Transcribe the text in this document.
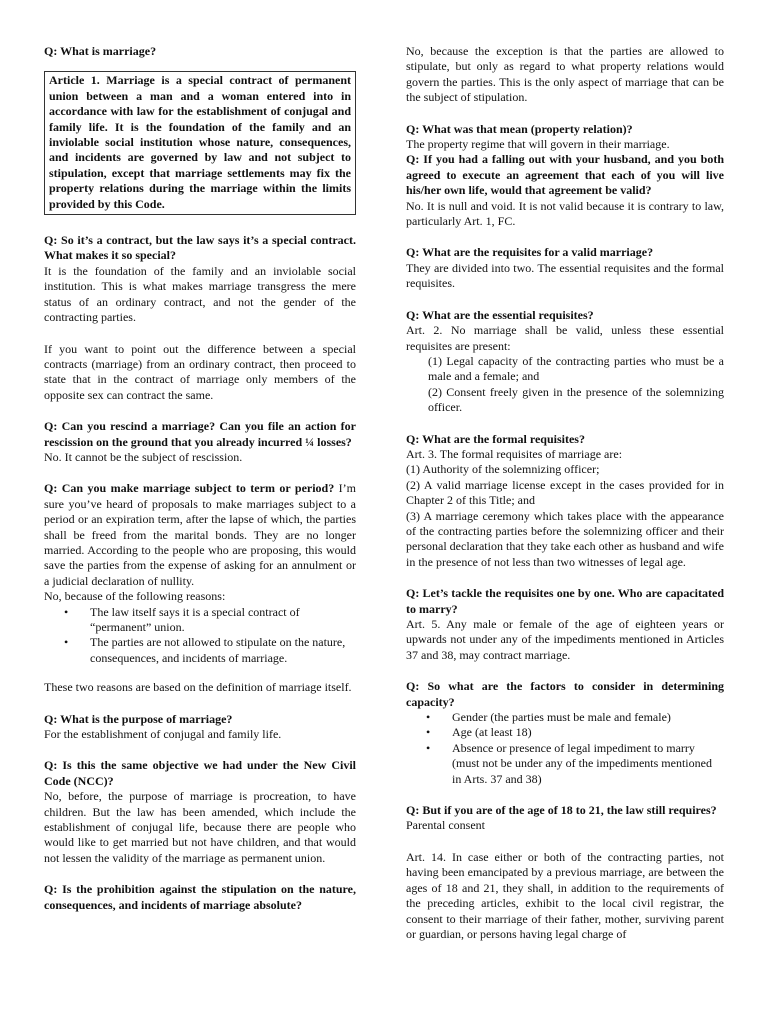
Q: What is marriage?
Article 1. Marriage is a special contract of permanent union between a man and a woman entered into in accordance with law for the establishment of conjugal and family life. It is the foundation of the family and an inviolable social institution whose nature, consequences, and incidents are governed by law and not subject to stipulation, except that marriage settlements may fix the property relations during the marriage within the limits provided by this Code.
Q: So it’s a contract, but the law says it’s a special contract. What makes it so special?
It is the foundation of the family and an inviolable social institution. This is what makes marriage transgress the mere status of an ordinary contract, and not the gender of the contracting parties.
If you want to point out the difference between a special contracts (marriage) from an ordinary contract, then proceed to state that in the contract of marriage only members of the opposite sex can contract the same.
Q: Can you rescind a marriage? Can you file an action for rescission on the ground that you already incurred ¼ losses?
No. It cannot be the subject of rescission.
Q: Can you make marriage subject to term or period? I’m sure you’ve heard of proposals to make marriages subject to a period or an expiration term, after the lapse of which, the parties shall be freed from the marital bonds. They are no longer married. According to the people who are proposing, this would save the parties from the expense of asking for an annulment or a judicial declaration of nullity.
No, because of the following reasons:
• The law itself says it is a special contract of “permanent” union.
• The parties are not allowed to stipulate on the nature, consequences, and incidents of marriage.
These two reasons are based on the definition of marriage itself.
Q: What is the purpose of marriage?
For the establishment of conjugal and family life.
Q: Is this the same objective we had under the New Civil Code (NCC)?
No, before, the purpose of marriage is procreation, to have children. But the law has been amended, which include the establishment of conjugal life, because there are people who would like to get married but not have children, and that would not lessen the validity of the marriage as permanent union.
Q: Is the prohibition against the stipulation on the nature, consequences, and incidents of marriage absolute?
No, because the exception is that the parties are allowed to stipulate, but only as regard to what property relations would govern the parties. This is the only aspect of marriage that can be the subject of stipulation.
Q: What was that mean (property relation)?
The property regime that will govern in their marriage.
Q: If you had a falling out with your husband, and you both agreed to execute an agreement that each of you will live his/her own life, would that agreement be valid?
No. It is null and void. It is not valid because it is contrary to law, particularly Art. 1, FC.
Q: What are the requisites for a valid marriage?
They are divided into two. The essential requisites and the formal requisites.
Q: What are the essential requisites?
Art. 2. No marriage shall be valid, unless these essential requisites are present:
(1) Legal capacity of the contracting parties who must be a male and a female; and
(2) Consent freely given in the presence of the solemnizing officer.
Q: What are the formal requisites?
Art. 3. The formal requisites of marriage are:
(1) Authority of the solemnizing officer;
(2) A valid marriage license except in the cases provided for in Chapter 2 of this Title; and
(3) A marriage ceremony which takes place with the appearance of the contracting parties before the solemnizing officer and their personal declaration that they take each other as husband and wife in the presence of not less than two witnesses of legal age.
Q: Let’s tackle the requisites one by one. Who are capacitated to marry?
Art. 5. Any male or female of the age of eighteen years or upwards not under any of the impediments mentioned in Articles 37 and 38, may contract marriage.
Q: So what are the factors to consider in determining capacity?
• Gender (the parties must be male and female)
• Age (at least 18)
• Absence or presence of legal impediment to marry (must not be under any of the impediments mentioned in Arts. 37 and 38)
Q: But if you are of the age of 18 to 21, the law still requires?
Parental consent
Art. 14. In case either or both of the contracting parties, not having been emancipated by a previous marriage, are between the ages of 18 and 21, they shall, in addition to the requirements of the preceding articles, exhibit to the local civil registrar, the consent to their marriage of their father, mother, surviving parent or guardian, or persons having legal charge of
